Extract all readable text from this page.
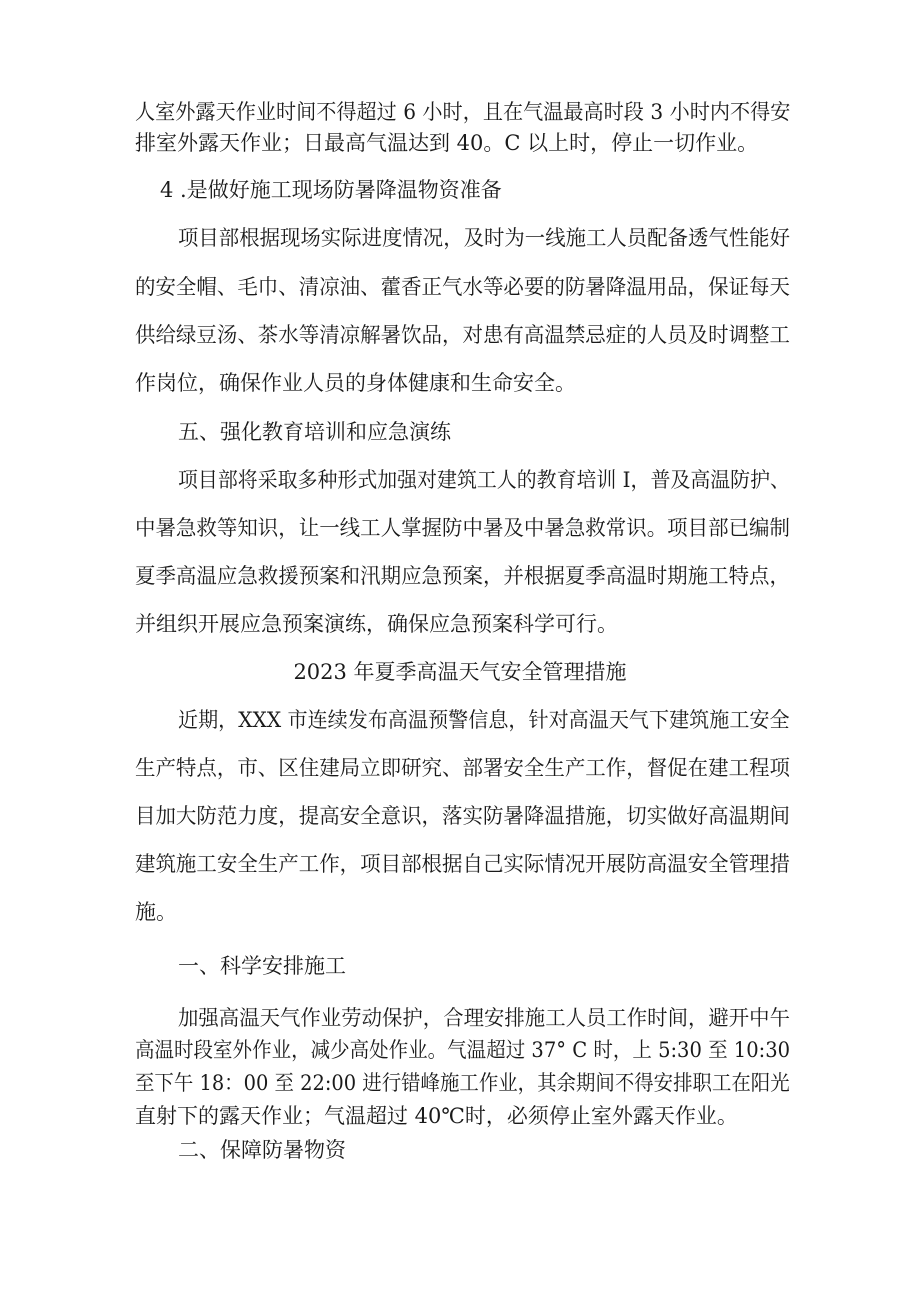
人室外露天作业时间不得超过 6 小时，且在气温最高时段 3 小时内不得安
排室外露天作业；日最高气温达到 40。C 以上时，停止一切作业。
4 .是做好施工现场防暑降温物资准备
项目部根据现场实际进度情况，及时为一线施工人员配备透气性能好
的安全帽、毛巾、清凉油、藿香正气水等必要的防暑降温用品，保证每天
供给绿豆汤、茶水等清凉解暑饮品，对患有高温禁忌症的人员及时调整工
作岗位，确保作业人员的身体健康和生命安全。
五、强化教育培训和应急演练
项目部将采取多种形式加强对建筑工人的教育培训 I，普及高温防护、
中暑急救等知识，让一线工人掌握防中暑及中暑急救常识。项目部已编制
夏季高温应急救援预案和汛期应急预案，并根据夏季高温时期施工特点，
并组织开展应急预案演练，确保应急预案科学可行。
2023 年夏季高温天气安全管理措施
近期，XXX 市连续发布高温预警信息，针对高温天气下建筑施工安全
生产特点，市、区住建局立即研究、部署安全生产工作，督促在建工程项
目加大防范力度，提高安全意识，落实防暑降温措施，切实做好高温期间
建筑施工安全生产工作，项目部根据自己实际情况开展防高温安全管理措
施。
一、科学安排施工
加强高温天气作业劳动保护，合理安排施工人员工作时间，避开中午
高温时段室外作业，减少高处作业。气温超过 37° C 时，上 5:30 至 10:30
至下午 18：00 至 22:00 进行错峰施工作业，其余期间不得安排职工在阳光
直射下的露天作业；气温超过 40℃时，必须停止室外露天作业。
二、保障防暑物资
